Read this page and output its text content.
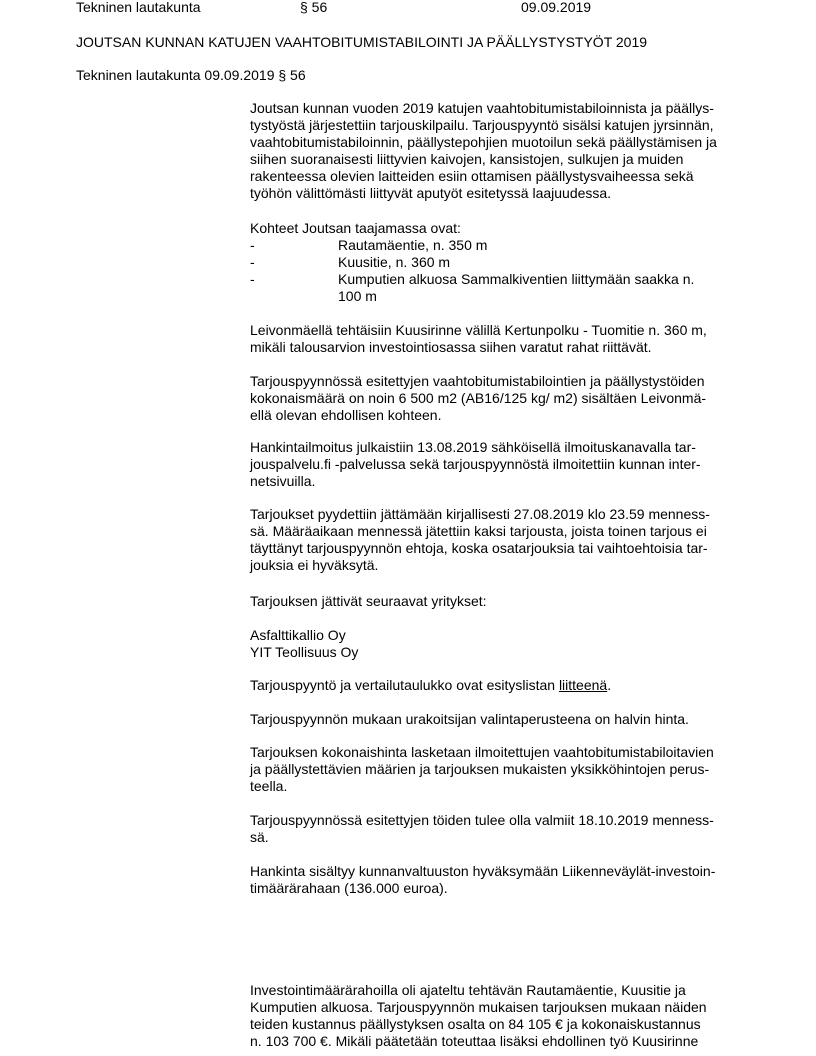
Tekninen lautakunta	§ 56	09.09.2019
JOUTSAN KUNNAN KATUJEN VAAHTOBITUMISTABILOINTI JA PÄÄLLYSTYSTYÖT 2019
Tekninen lautakunta 09.09.2019 § 56
Joutsan kunnan vuoden 2019 katujen vaahtobitumistabiloinnista ja päällys-
tystyöstä järjestettiin tarjouskilpailu. Tarjouspyyntö sisälsi katujen jyrsinnän,
vaahtobitumistabiloinnin, päällystepohjien muotoilun sekä päällystämisen ja
siihen suoranaisesti liittyvien kaivojen, kansistojen, sulkujen ja muiden
rakenteessa olevien laitteiden esiin ottamisen päällystysvaiheessa sekä
työhön välittömästi liittyvät aputyöt esitetyssä laajuudessa.
Kohteet Joutsan taajamassa ovat:
-	Rautamäentie, n. 350 m
-	Kuusitie, n. 360 m
-	Kumputien alkuosa Sammalkiventien liittymään saakka n.
100 m
Leivonmäellä tehtäisiin Kuusirinne välillä Kertunpolku - Tuomitie n. 360 m,
mikäli talousarvion investointiosassa siihen varatut rahat riittävät.
Tarjouspyynnössä esitettyjen vaahtobitumistabilointien ja päällystystöiden
kokonaismäärä on noin 6 500 m2 (AB16/125 kg/ m2) sisältäen Leivonmä-
ellä olevan ehdollisen kohteen.
Hankintailmoitus julkaistiin 13.08.2019 sähköisellä ilmoituskanavalla tar-
jouspalvelu.fi -palvelussa sekä tarjouspyynnöstä ilmoitettiin kunnan inter-
netsivuilla.
Tarjoukset pyydettiin jättämään kirjallisesti 27.08.2019 klo 23.59 menness-
sä. Määräaikaan mennessä jätettiin kaksi tarjousta, joista toinen tarjous ei
täyttänyt tarjouspyynnön ehtoja, koska osatarjouksia tai vaihtoehtoisia tar-
jouksia ei hyväksytä.
Tarjouksen jättivät seuraavat yritykset:
Asfalttikallio Oy
YIT Teollisuus Oy
Tarjouspyyntö ja vertailutaulukko ovat esityslistan liitteenä.
Tarjouspyynnön mukaan urakoitsijan valintaperusteena on halvin hinta.
Tarjouksen kokonaishinta lasketaan ilmoitettujen vaahtobitumistabiloitavien
ja päällystettävien määrien ja tarjouksen mukaisten yksikköhintojen perus-
teella.
Tarjouspyynnössä esitettyjen töiden tulee olla valmiit 18.10.2019 menness-
sä.
Hankinta sisältyy kunnanvaltuuston hyväksymään Liikenneväylät-investoin-
timäärärahaan (136.000 euroa).
Investointimäärärahoilla oli ajateltu tehtävän Rautamäentie, Kuusitie ja
Kumputien alkuosa. Tarjouspyynnön mukaisen tarjouksen mukaan näiden
teiden kustannus päällystyksen osalta on 84 105 € ja kokonaiskustannus
n. 103 700 €. Mikäli päätetään toteuttaa lisäksi ehdollinen työ Kuusirinne
